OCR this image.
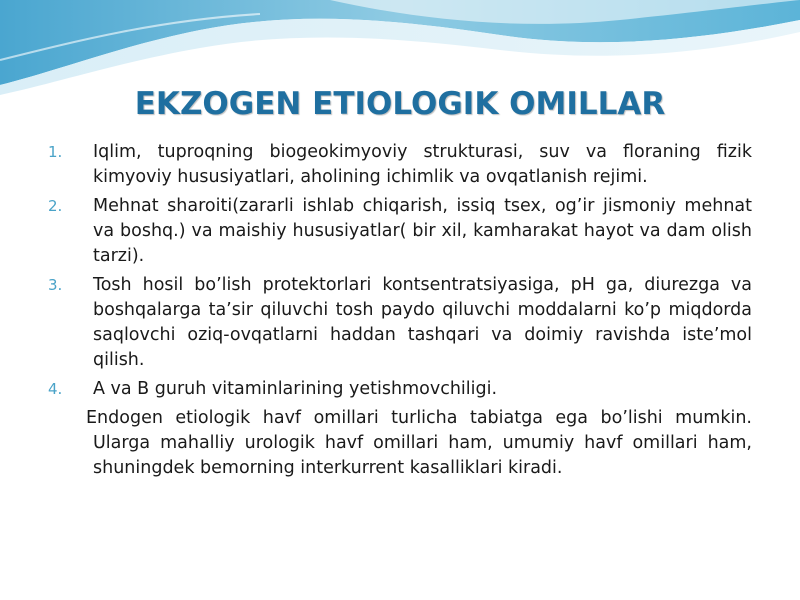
EKZOGEN ETIOLOGIK OMILLAR
1. Iqlim, tuproqning biogeokimyoviy strukturasi, suv va floraning fizik kimyoviy hususiyatlari, aholining ichimlik va ovqatlanish rejimi.
2. Mehnat sharoiti(zararli ishlab chiqarish, issiq tsex, og’ir jismoniy mehnat va boshq.) va maishiy hususiyatlar( bir xil, kamharakat hayot va dam olish tarzi).
3. Tosh hosil bo’lish protektorlari kontsentratsiyasiga, pH ga, diurezga va boshqalarga ta’sir qiluvchi tosh paydo qiluvchi moddalarni ko’p miqdorda saqlovchi oziq-ovqatlarni haddan tashqari va doimiy ravishda iste’mol qilish.
4. A va B guruh vitaminlarining yetishmovchiligi.
Endogen etiologik havf omillari turlicha tabiatga ega bo’lishi mumkin. Ularga mahalliy urologik havf omillari ham, umumiy havf omillari ham, shuningdek bemorning interkurrent kasalliklari kiradi.
